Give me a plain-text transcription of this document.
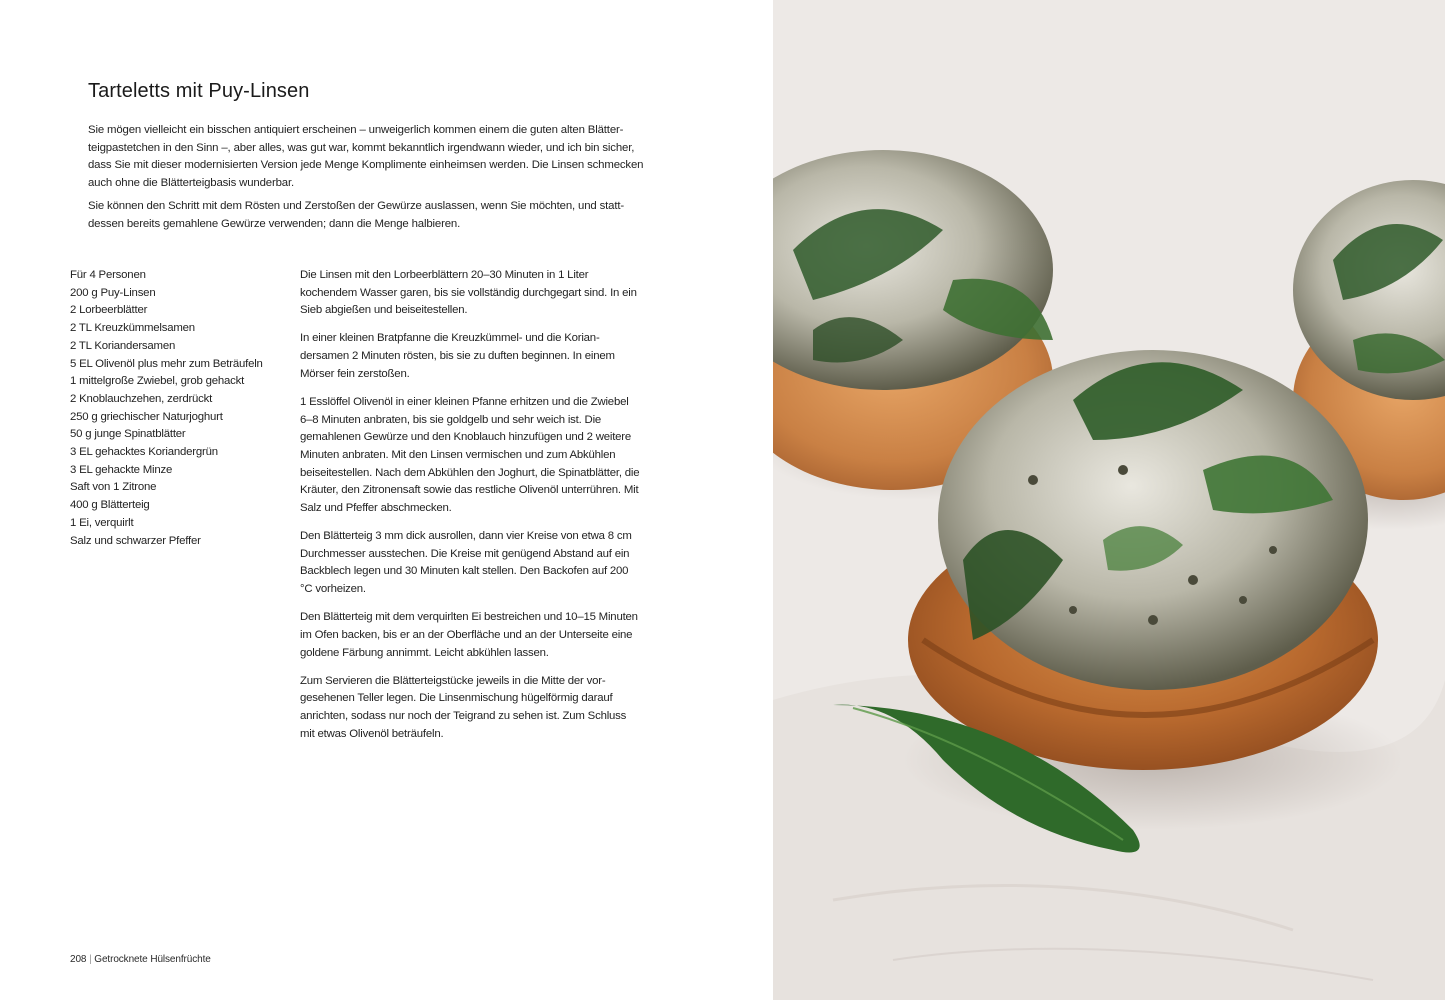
Tarteletts mit Puy-Linsen

Sie mögen vielleicht ein bisschen antiquiert erscheinen – unweigerlich kommen einem die guten alten Blätterteigpastetchen in den Sinn –, aber alles, was gut war, kommt bekanntlich irgendwann wieder, und ich bin sicher, dass Sie mit dieser modernisierten Version jede Menge Komplimente einheimsen werden. Die Linsen schmecken auch ohne die Blätterteigbasis wunderbar.

Sie können den Schritt mit dem Rösten und Zerstoßen der Gewürze auslassen, wenn Sie möchten, und stattdessen bereits gemahlene Gewürze verwenden; dann die Menge halbieren.

Für 4 Personen
200 g Puy-Linsen
2 Lorbeerblätter
2 TL Kreuzkümmelsamen
2 TL Koriandersamen
5 EL Olivenöl plus mehr zum Beträufeln
1 mittelgroße Zwiebel, grob gehackt
2 Knoblauchzehen, zerdrückt
250 g griechischer Naturjoghurt
50 g junge Spinatblätter
3 EL gehacktes Koriandergrün
3 EL gehackte Minze
Saft von 1 Zitrone
400 g Blätterteig
1 Ei, verquirlt
Salz und schwarzer Pfeffer

Die Linsen mit den Lorbeerblättern 20–30 Minuten in 1 Liter kochendem Wasser garen, bis sie vollständig durchgegart sind. In ein Sieb abgießen und beiseitestellen.

In einer kleinen Bratpfanne die Kreuzkümmel- und die Koriandersamen 2 Minuten rösten, bis sie zu duften beginnen. In einem Mörser fein zerstoßen.

1 Esslöffel Olivenöl in einer kleinen Pfanne erhitzen und die Zwiebel 6–8 Minuten anbraten, bis sie goldgelb und sehr weich ist. Die gemahlenen Gewürze und den Knoblauch hinzufügen und 2 weitere Minuten anbraten. Mit den Linsen vermischen und zum Abkühlen beiseitestellen. Nach dem Abkühlen den Joghurt, die Spinatblätter, die Kräuter, den Zitronensaft sowie das restliche Olivenöl unterrühren. Mit Salz und Pfeffer abschmecken.

Den Blätterteig 3 mm dick ausrollen, dann vier Kreise von etwa 8 cm Durchmesser ausstechen. Die Kreise mit genügend Abstand auf ein Backblech legen und 30 Minuten kalt stellen. Den Backofen auf 200 °C vorheizen.

Den Blätterteig mit dem verquirlten Ei bestreichen und 10–15 Minuten im Ofen backen, bis er an der Oberfläche und an der Unterseite eine goldene Färbung annimmt. Leicht abkühlen lassen.

Zum Servieren die Blätterteigstücke jeweils in die Mitte der vorgesehenen Teller legen. Die Linsenmischung hügelförmig darauf anrichten, sodass nur noch der Teigrand zu sehen ist. Zum Schluss mit etwas Olivenöl beträufeln.

208 | Getrocknete Hülsenfrüchte
